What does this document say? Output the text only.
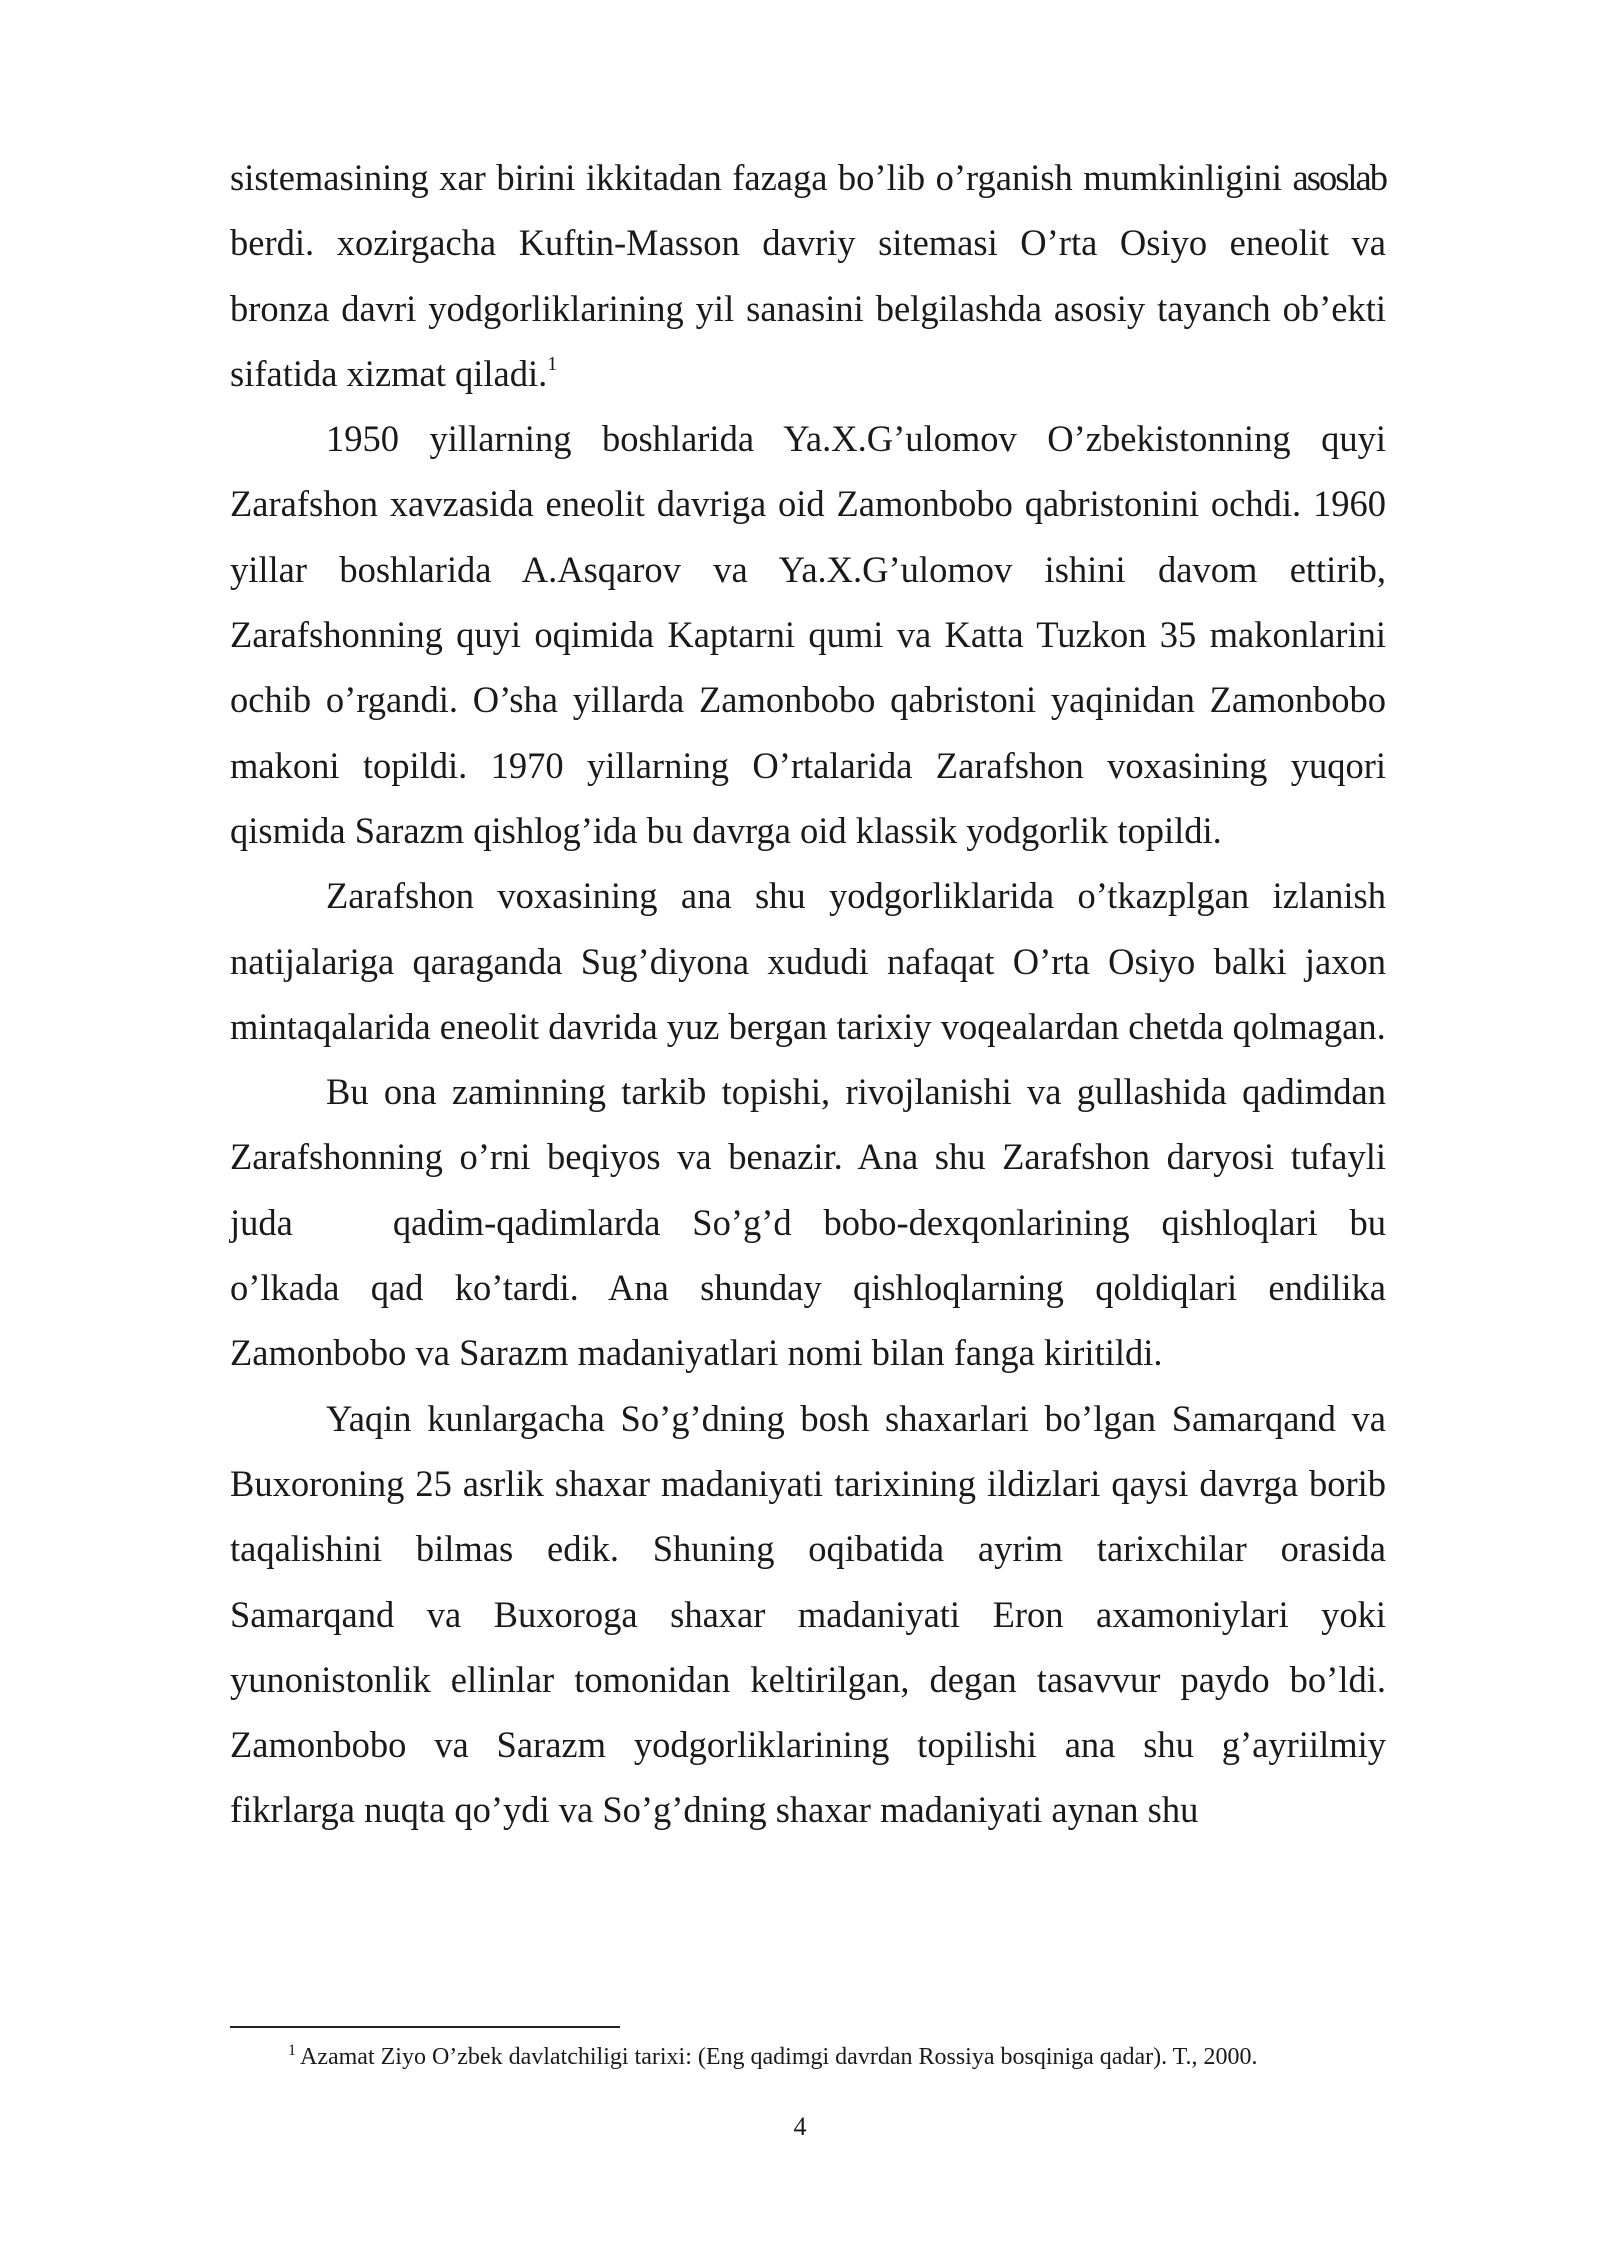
sistemasining xar birini ikkitadan fazaga bo’lib o’rganish mumkinligini asoslab berdi. xozirgacha Kuftin-Masson davriy sitemasi O’rta Osiyo eneolit va bronza davri yodgorliklarining yil sanasini belgilashda asosiy tayanch ob’ekti sifatida xizmat qiladi.$^1$

1950 yillarning boshlarida Ya.X.G’ulomov O’zbekistonning quyi Zarafshon xavzasida eneolit davriga oid Zamonbobo qabristonini ochdi. 1960 yillar boshlarida A.Asqarov va Ya.X.G’ulomov ishini davom ettirib, Zarafshonning quyi oqimida Kaptarni qumi va Katta Tuzkon 35 makonlarini ochib o’rgandi. O’sha yillarda Zamonbobo qabristoni yaqinidan Zamonbobo makoni topildi. 1970 yillarning O’rtalarida Zarafshon voxasining yuqori qismida Sarazm qishlog’ida bu davrga oid klassik yodgorlik topildi.

Zarafshon voxasining ana shu yodgorliklarida o’tkazplgan izlanish natijalariga qaraganda Sug’diyona xududi nafaqat O’rta Osiyo balki jaxon mintaqalarida eneolit davrida yuz bergan tarixiy voqealardan chetda qolmagan.

Bu ona zaminning tarkib topishi, rivojlanishi va gullashida qadimdan Zarafshonning o’rni beqiyos va benazir. Ana shu Zarafshon daryosi tufayli juda	qadim-qadimlarda So’g’d bobo-dexqonlarining qishloqlari bu o’lkada qad ko’tardi. Ana shunday qishloqlarning qoldiqlari endilika Zamonbobo va Sarazm madaniyatlari nomi bilan fanga kiritildi.

Yaqin kunlargacha So’g’dning bosh shaxarlari bo’lgan Samarqand va Buxoroning 25 asrlik shaxar madaniyati tarixining ildizlari qaysi davrga borib taqalishini bilmas edik. Shuning oqibatida ayrim tarixchilar orasida Samarqand va Buxoroga shaxar madaniyati Eron axamoniylari yoki yunonistonlik ellinlar tomonidan keltirilgan, degan tasavvur paydo bo’ldi. Zamonbobo va Sarazm yodgorliklarining topilishi ana shu g’ayriilmiy fikrlarga nuqta qo’ydi va So’g’dning shaxar madaniyati aynan shu

$^1$ Azamat Ziyo O’zbek davlatchiligi tarixi: (Eng qadimgi davrdan Rossiya bosqiniga qadar). T., 2000.
4
